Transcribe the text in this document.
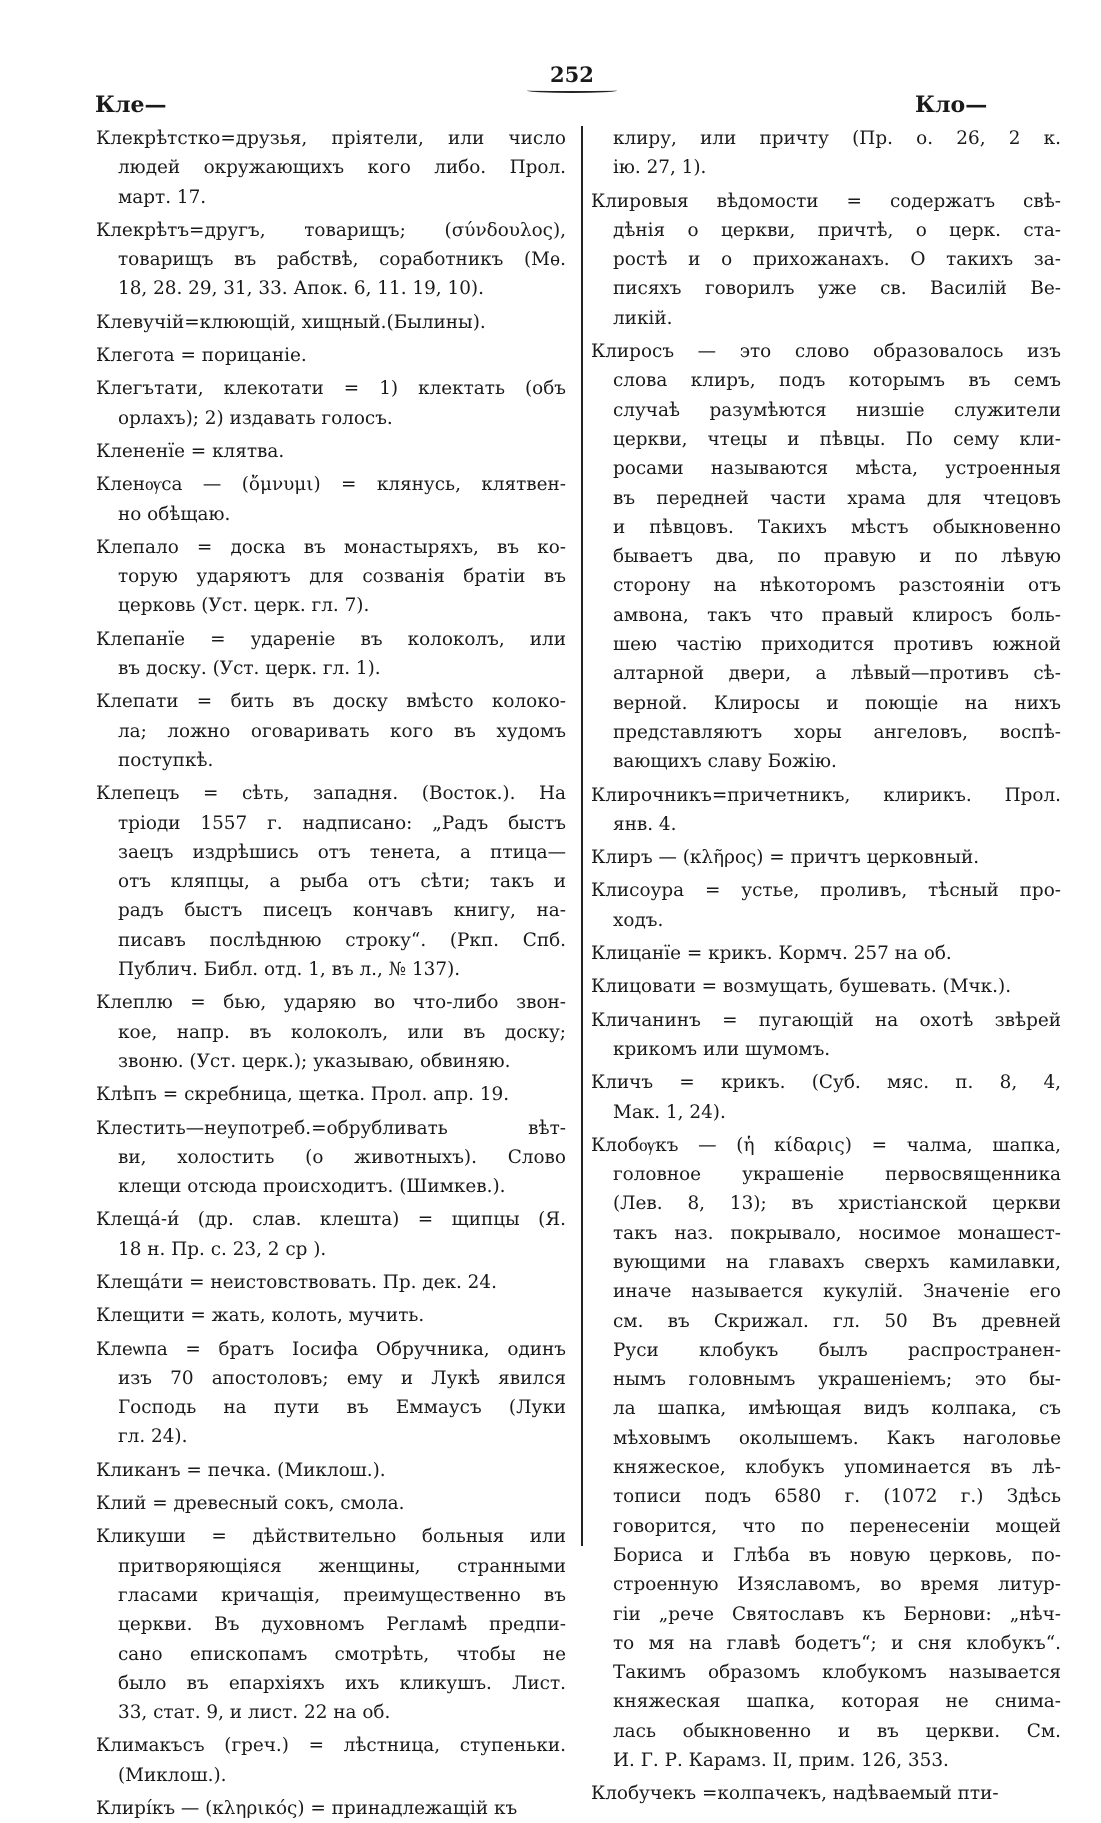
Кле—
252
Кло—
Клекрѣтстко=друзья, пріятели, или число
людей окружающихъ кого либо. Прол.
март. 17.
Клекрѣтъ=другъ, товарищъ; (σύνδουλος),
товарищъ въ рабствѣ, соработникъ (Мѳ.
18, 28. 29, 31, 33. Апок. 6, 11. 19, 10).
Клевучій=клюющій, хищный.(Былины).
Клегота = порицаніе.
Клегътати, клекотати = 1) клектать (объ
орлахъ); 2) издавать голосъ.
Клененїе = клятва.
Кленѹса — (ὄμνυμι) = клянусь, клятвен-
но обѣщаю.
Клепало = доска въ монастыряхъ, въ ко-
торую ударяютъ для созванія братіи въ
церковь (Уст. церк. гл. 7).
Клепанїе = удареніе въ колоколъ, или
въ доску. (Уст. церк. гл. 1).
Клепати = бить въ доску вмѣсто колоко-
ла; ложно оговаривать кого въ худомъ
поступкѣ.
Клепецъ = сѣть, западня. (Восток.). На
тріоди 1557 г. надписано: „Радъ быстъ
заецъ издрѣшись отъ тенета, а птица—
отъ кляпцы, а рыба отъ сѣти; такъ и
радъ быстъ писецъ кончавъ книгу, на-
писавъ послѣднюю строку“. (Ркп. Спб.
Публич. Библ. отд. 1, въ л., № 137).
Клеплю = бью, ударяю во что-либо звон-
кое, напр. въ колоколъ, или въ доску;
звоню. (Уст. церк.); указываю, обвиняю.
Клѣпъ = скребница, щетка. Прол. апр. 19.
Клестить—неупотреб.=обрубливать вѣт-
ви, холостить (о животныхъ). Слово
клещи отсюда происходитъ. (Шимкев.).
Клещá-и́ (др. слав. клешта) = щипцы (Я.
18 н. Пр. с. 23, 2 ср ).
Клещáти = неистовствовать. Пр. дек. 24.
Клещити = жать, колоть, мучить.
Клеѡпа = братъ Іосифа Обручника, одинъ
изъ 70 апостоловъ; ему и Лукѣ явился
Господь на пути въ Еммаусъ (Луки
гл. 24).
Кликанъ = печка. (Миклош.).
Клий = древесный сокъ, смола.
Кликуши = дѣйствительно больныя или
притворяющіяся женщины, странными
гласами кричащія, преимущественно въ
церкви. Въ духовномъ Регламѣ предпи-
сано епископамъ смотрѣть, чтобы не
было въ епархіяхъ ихъ кликушъ. Лист.
33, стат. 9, и лист. 22 на об.
Климакъсъ (греч.) = лѣстница, ступеньки.
(Миклош.).
Клирі́къ — (κληρικός) = принадлежащій къ
клиру, или причту (Пр. о. 26, 2 к.
ію. 27, 1).
Клировыя вѣдомости = содержатъ свѣ-
дѣнія о церкви, причтѣ, о церк. ста-
ростѣ и о прихожанахъ. О такихъ за-
писяхъ говорилъ уже св. Василій Ве-
ликій.
Клиросъ — это слово образовалось изъ
слова клиръ, подъ которымъ въ семъ
случаѣ разумѣются низшіе служители
церкви, чтецы и пѣвцы. По сему кли-
росами называются мѣста, устроенныя
въ передней части храма для чтецовъ
и пѣвцовъ. Такихъ мѣстъ обыкновенно
бываетъ два, по правую и по лѣвую
сторону на нѣкоторомъ разстояніи отъ
амвона, такъ что правый клиросъ боль-
шею частію приходится противъ южной
алтарной двери, а лѣвый—противъ сѣ-
верной. Клиросы и поющіе на нихъ
представляютъ хоры ангеловъ, воспѣ-
вающихъ славу Божію.
Клирочникъ=причетникъ, клирикъ. Прол.
янв. 4.
Клиръ — (κλῆρος) = причтъ церковный.
Клисоура = устье, проливъ, тѣсный про-
ходъ.
Клицанїе = крикъ. Кормч. 257 на об.
Клицовати = возмущать, бушевать. (Мчк.).
Кличанинъ = пугающій на охотѣ звѣрей
крикомъ или шумомъ.
Кличъ = крикъ. (Суб. мяс. п. 8, 4,
Мак. 1, 24).
Клобѹкъ — (ἡ κίδαρις) = чалма, шапка,
головное украшеніе первосвященника
(Лев. 8, 13); въ христіанской церкви
такъ наз. покрывало, носимое монашест-
вующими на главахъ сверхъ камилавки,
иначе называется кукулій. Значеніе его
см. въ Скрижал. гл. 50 Въ древней
Руси клобукъ былъ распространен-
нымъ головнымъ украшеніемъ; это бы-
ла шапка, имѣющая видъ колпака, съ
мѣховымъ околышемъ. Какъ наголовье
княжеское, клобукъ упоминается въ лѣ-
тописи подъ 6580 г. (1072 г.) Здѣсь
говорится, что по перенесеніи мощей
Бориса и Глѣба въ новую церковь, по-
строенную Изяславомъ, во время литур-
гіи „рече Святославъ къ Бернови: „нѣч-
то мя на главѣ бодетъ“; и сня клобукъ“.
Такимъ образомъ клобукомъ называется
княжеская шапка, которая не снима-
лась обыкновенно и въ церкви. См.
И. Г. Р. Карамз. II, прим. 126, 353.
Клобучекъ =колпачекъ, надѣваемый пти-
